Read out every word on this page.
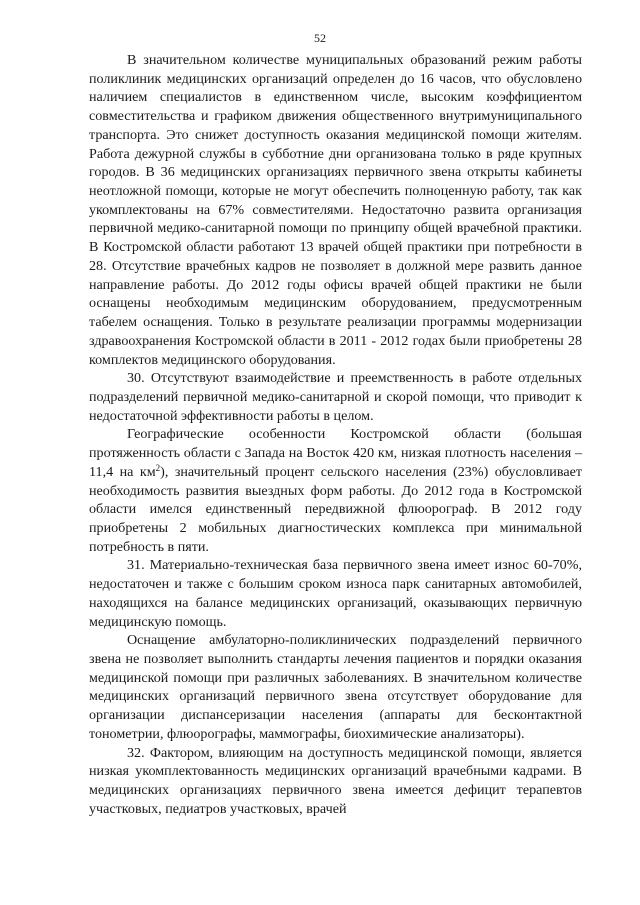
52

В значительном количестве муниципальных образований режим работы поликлиник медицинских организаций определен до 16 часов, что обусловлено наличием специалистов в единственном числе, высоким коэффициентом совместительства и графиком движения общественного внутримуниципального транспорта. Это снижет доступность оказания медицинской помощи жителям. Работа дежурной службы в субботние дни организована только в ряде крупных городов. В 36 медицинских организациях первичного звена открыты кабинеты неотложной помощи, которые не могут обеспечить полноценную работу, так как укомплектованы на 67% совместителями. Недостаточно развита организация первичной медико-санитарной помощи по принципу общей врачебной практики. В Костромской области работают 13 врачей общей практики при потребности в 28. Отсутствие врачебных кадров не позволяет в должной мере развить данное направление работы. До 2012 годы офисы врачей общей практики не были оснащены необходимым медицинским оборудованием, предусмотренным табелем оснащения. Только в результате реализации программы модернизации здравоохранения Костромской области в 2011 - 2012 годах были приобретены 28 комплектов медицинского оборудования.

30. Отсутствуют взаимодействие и преемственность в работе отдельных подразделений первичной медико-санитарной и скорой помощи, что приводит к недостаточной эффективности работы в целом.

Географические особенности Костромской области (большая протяженность области с Запада на Восток 420 км, низкая плотность населения – 11,4 на $км^2$), значительный процент сельского населения (23%) обусловливает необходимость развития выездных форм работы. До 2012 года в Костромской области имелся единственный передвижной флюорограф. В 2012 году приобретены 2 мобильных диагностических комплекса при минимальной потребность в пяти.

31. Материально-техническая база первичного звена имеет износ 60-70%, недостаточен и также с большим сроком износа парк санитарных автомобилей, находящихся на балансе медицинских организаций, оказывающих первичную медицинскую помощь.

Оснащение амбулаторно-поликлинических подразделений первичного звена не позволяет выполнить стандарты лечения пациентов и порядки оказания медицинской помощи при различных заболеваниях. В значительном количестве медицинских организаций первичного звена отсутствует оборудование для организации диспансеризации населения (аппараты для бесконтактной тонометрии, флюорографы, маммографы, биохимические анализаторы).

32. Фактором, влияющим на доступность медицинской помощи, является низкая укомплектованность медицинских организаций врачебными кадрами. В медицинских организациях первичного звена имеется дефицит терапевтов участковых, педиатров участковых, врачей
